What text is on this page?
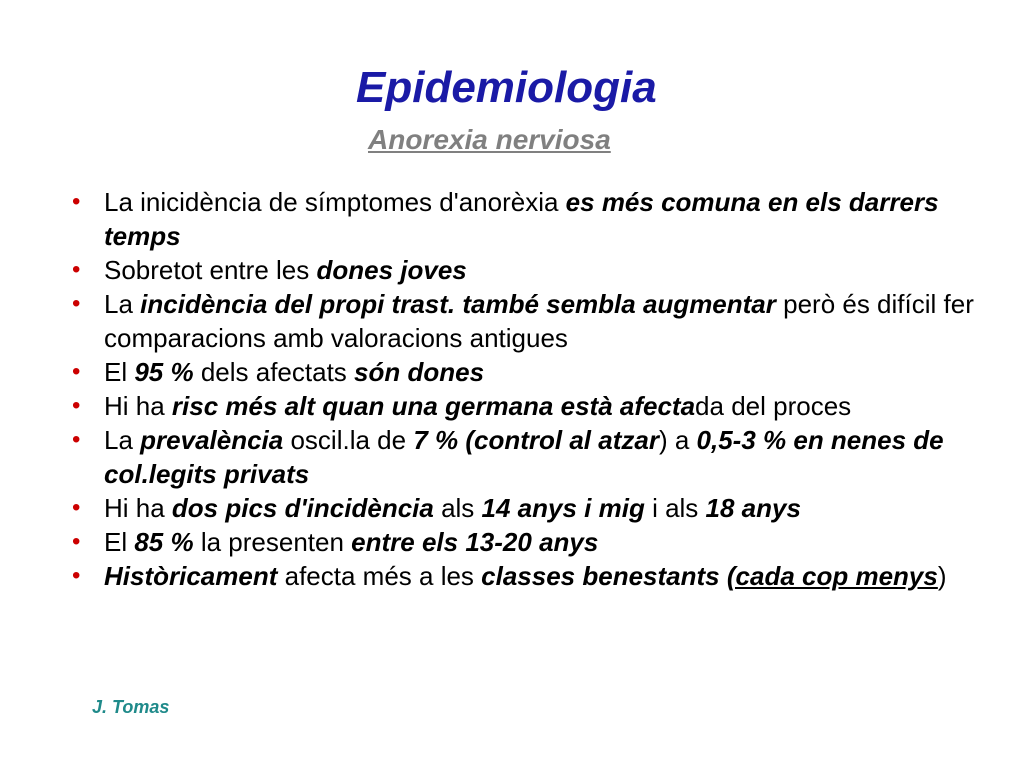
Epidemiologia
Anorexia nerviosa
• La inicidència de símptomes d'anorèxia es més comuna en els darrers temps
• Sobretot entre les dones joves
• La incidència del propi trast. també sembla augmentar però és difícil fer comparacions amb valoracions antigues
• El 95 % dels afectats són dones
• Hi ha risc més alt quan una germana està afectada del proces
• La prevalència oscil.la de 7 % (control al atzar) a 0,5-3 % en nenes de col.legits privats
• Hi ha dos pics d'incidència als 14 anys i mig i als 18 anys
• El 85 % la presenten entre els 13-20 anys
• Històricament afecta més a les classes benestants (cada cop menys)
J. Tomas
